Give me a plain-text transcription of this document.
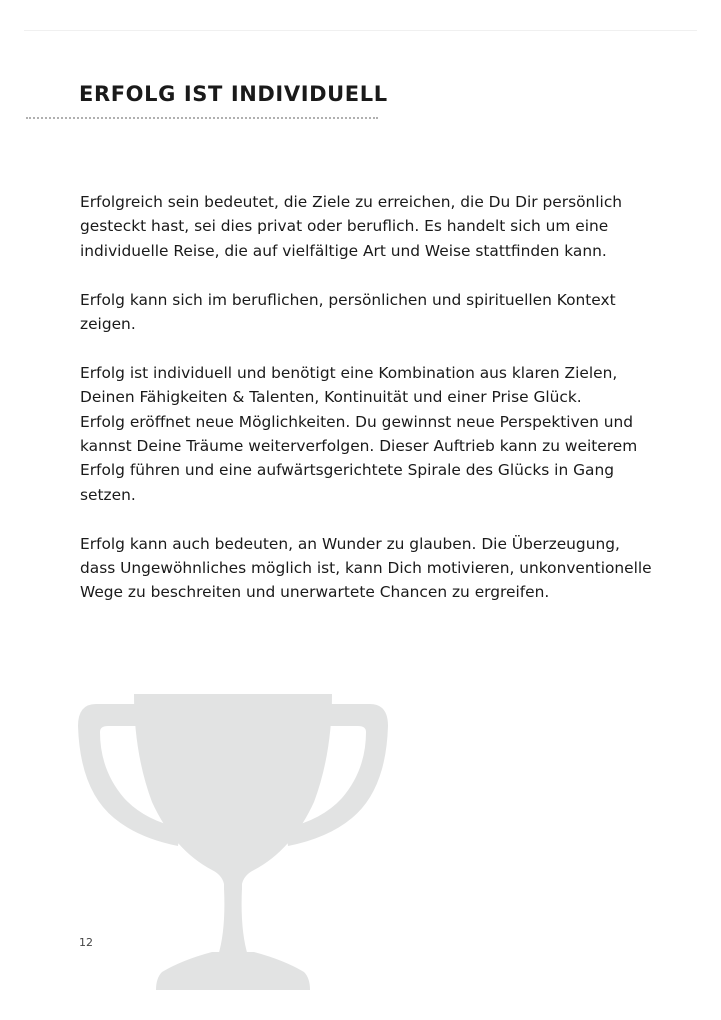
ERFOLG IST INDIVIDUELL

Erfolgreich sein bedeutet, die Ziele zu erreichen, die Du Dir persönlich
gesteckt hast, sei dies privat oder beruflich. Es handelt sich um eine
individuelle Reise, die auf vielfältige Art und Weise stattfinden kann.

Erfolg kann sich im beruflichen, persönlichen und spirituellen Kontext
zeigen.

Erfolg ist individuell und benötigt eine Kombination aus klaren Zielen,
Deinen Fähigkeiten & Talenten, Kontinuität und einer Prise Glück.
Erfolg eröffnet neue Möglichkeiten. Du gewinnst neue Perspektiven und
kannst Deine Träume weiterverfolgen. Dieser Auftrieb kann zu weiterem
Erfolg führen und eine aufwärtsgerichtete Spirale des Glücks in Gang
setzen.

Erfolg kann auch bedeuten, an Wunder zu glauben. Die Überzeugung,
dass Ungewöhnliches möglich ist, kann Dich motivieren, unkonventionelle
Wege zu beschreiten und unerwartete Chancen zu ergreifen.

12
